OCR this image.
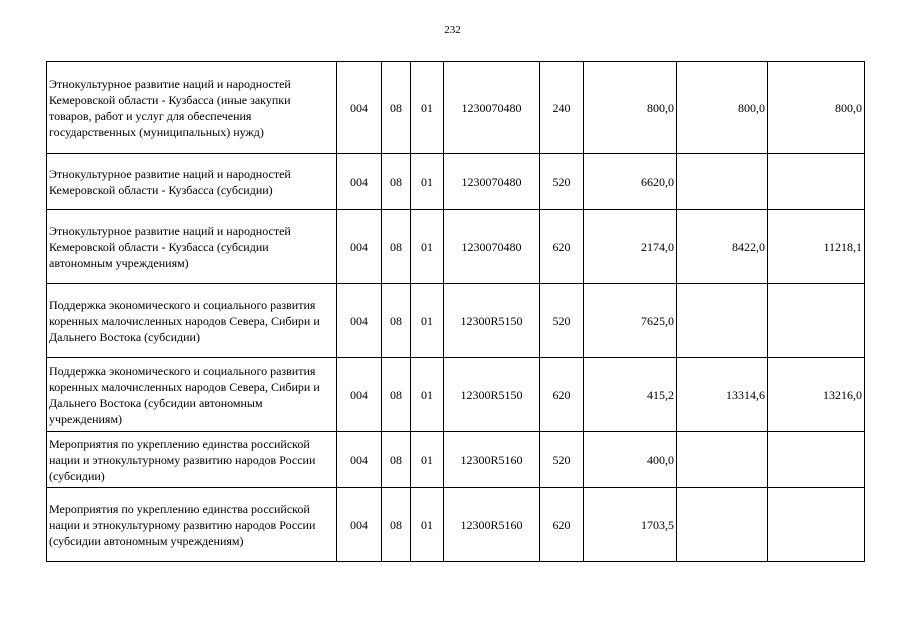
232
Этнокультурное развитие наций и народностей Кемеровской области - Кузбасса (иные закупки товаров, работ и услуг для обеспечения государственных (муниципальных) нужд)	004	08	01	1230070480	240	800,0	800,0	800,0
Этнокультурное развитие наций и народностей Кемеровской области - Кузбасса (субсидии)	004	08	01	1230070480	520	6620,0		
Этнокультурное развитие наций и народностей Кемеровской области - Кузбасса (субсидии автономным учреждениям)	004	08	01	1230070480	620	2174,0	8422,0	11218,1
Поддержка экономического и социального развития коренных малочисленных народов Севера, Сибири и Дальнего Востока (субсидии)	004	08	01	12300R5150	520	7625,0		
Поддержка экономического и социального развития коренных малочисленных народов Севера, Сибири и Дальнего Востока (субсидии автономным учреждениям)	004	08	01	12300R5150	620	415,2	13314,6	13216,0
Мероприятия по укреплению единства российской нации и этнокультурному развитию народов России (субсидии)	004	08	01	12300R5160	520	400,0		
Мероприятия по укреплению единства российской нации и этнокультурному развитию народов России (субсидии автономным учреждениям)	004	08	01	12300R5160	620	1703,5		
